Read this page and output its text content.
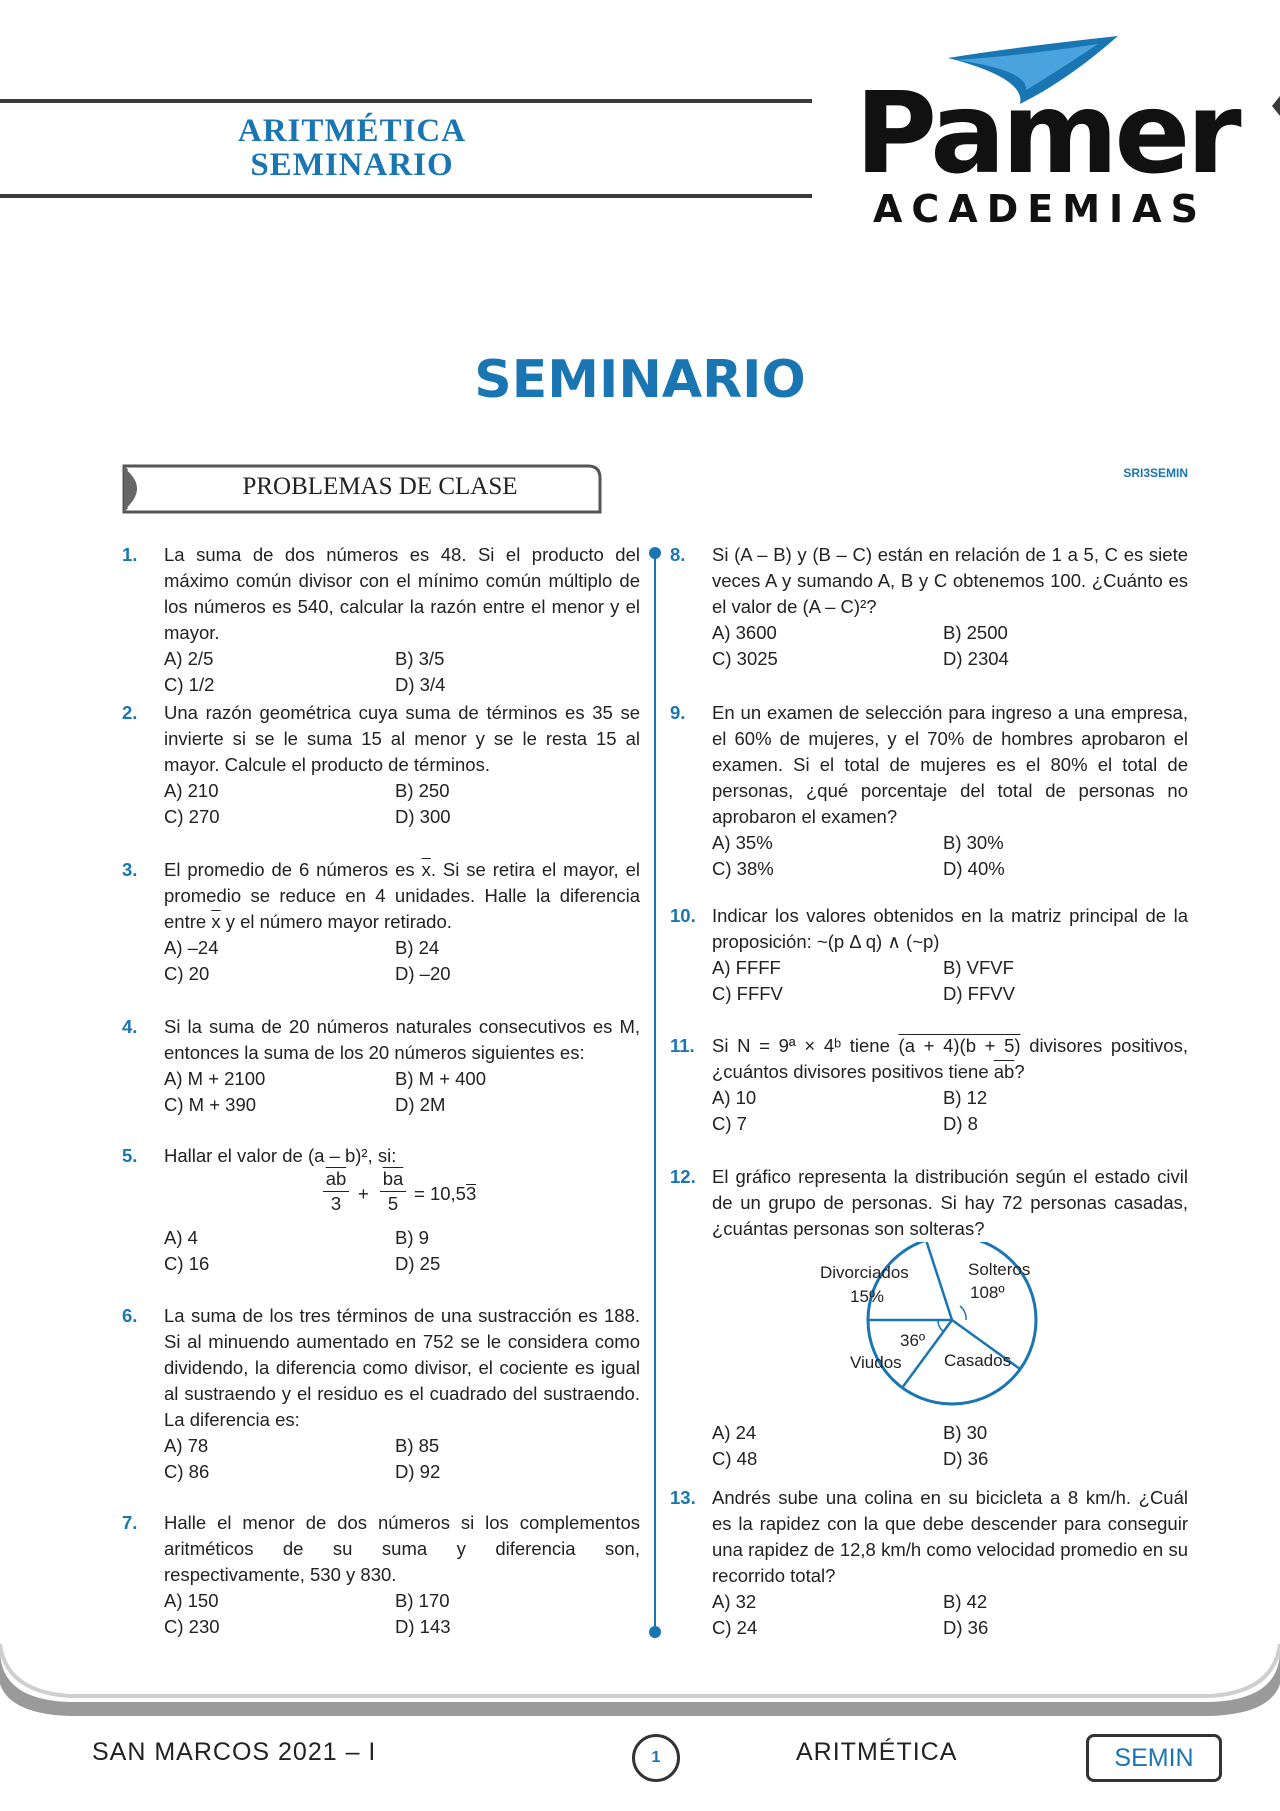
ARITMÉTICA
SEMINARIO	Pamer
ACADEMIAS
SEMINARIO
PROBLEMAS DE CLASE	SRI3SEMIN
1. La suma de dos números es 48. Si el producto del máximo común divisor con el mínimo común múltiplo de los números es 540, calcular la razón entre el menor y el mayor.
A) 2/5	B) 3/5
C) 1/2	D) 3/4
2. Una razón geométrica cuya suma de términos es 35 se invierte si se le suma 15 al menor y se le resta 15 al mayor. Calcule el producto de términos.
A) 210	B) 250
C) 270	D) 300
3. El promedio de 6 números es $\overline{x}$. Si se retira el mayor, el promedio se reduce en 4 unidades. Halle la diferencia entre $\overline{x}$ y el número mayor retirado.
A) –24	B) 24
C) 20	D) –20
4. Si la suma de 20 números naturales consecutivos es M, entonces la suma de los 20 números siguientes es:
A) M + 2100	B) M + 400
C) M + 390	D) 2M
5. Hallar el valor de (a – b)², si:
$\frac{\overline{ab}}{3} + \frac{\overline{ba}}{5} = 10,53$
A) 4	B) 9
C) 16	D) 25
6. La suma de los tres términos de una sustracción es 188. Si al minuendo aumentado en 752 se le considera como dividendo, la diferencia como divisor, el cociente es igual al sustraendo y el residuo es el cuadrado del sustraendo. La diferencia es:
A) 78	B) 85
C) 86	D) 92
7. Halle el menor de dos números si los complementos aritméticos de su suma y diferencia son, respectivamente, 530 y 830.
A) 150	B) 170
C) 230	D) 143
8. Si (A – B) y (B – C) están en relación de 1 a 5, C es siete veces A y sumando A, B y C obtenemos 100. ¿Cuánto es el valor de (A – C)²?
A) 3600	B) 2500
C) 3025	D) 2304
9. En un examen de selección para ingreso a una empresa, el 60% de mujeres, y el 70% de hombres aprobaron el examen. Si el total de mujeres es el 80% el total de personas, ¿qué porcentaje del total de personas no aprobaron el examen?
A) 35%	B) 30%
C) 38%	D) 40%
10. Indicar los valores obtenidos en la matriz principal de la proposición: ~(p Δ q) ∧ (~p)
A) FFFF	B) VFVF
C) FFFV	D) FFVV
11. Si N = 9ª × 4ᵇ tiene (a + 4)(b + 5) divisores positivos, ¿cuántos divisores positivos tiene $\overline{ab}$?
A) 10	B) 12
C) 7	D) 8
12. El gráfico representa la distribución según el estado civil de un grupo de personas. Si hay 72 personas casadas, ¿cuántas personas son solteras?
Divorciados
15%
Solteros
108º
36º
Viudos Casados
A) 24	B) 30
C) 48	D) 36
13. Andrés sube una colina en su bicicleta a 8 km/h. ¿Cuál es la rapidez con la que debe descender para conseguir una rapidez de 12,8 km/h como velocidad promedio en su recorrido total?
A) 32	B) 42
C) 24	D) 36
SAN MARCOS 2021 – I	1	ARITMÉTICA	SEMIN
